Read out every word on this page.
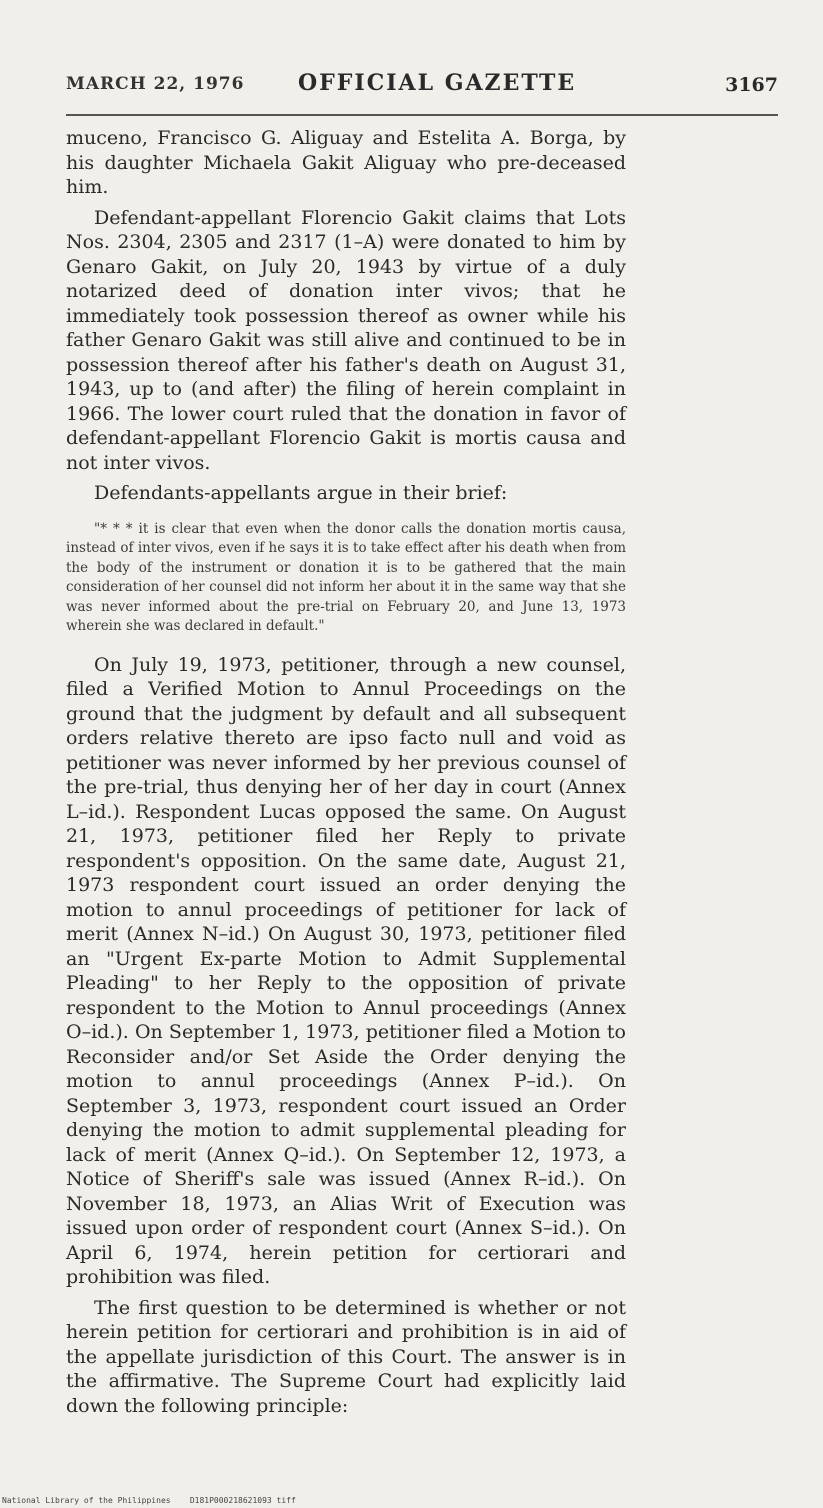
MARCH 22, 1976 OFFICIAL GAZETTE	3167

muceno, Francisco G. Aliguay and Estelita A. Borga, by his daughter Michaela Gakit Aliguay who pre-deceased him.

Defendant-appellant Florencio Gakit claims that Lots Nos. 2304, 2305 and 2317 (1–A) were donated to him by Genaro Gakit, on July 20, 1943 by virtue of a duly notarized deed of donation inter vivos; that he immediately took possession thereof as owner while his father Genaro Gakit was still alive and continued to be in possession thereof after his father's death on August 31, 1943, up to (and after) the filing of herein complaint in 1966. The lower court ruled that the donation in favor of defendant-appellant Florencio Gakit is mortis causa and not inter vivos.

Defendants-appellants argue in their brief:

"* * * it is clear that even when the donor calls the donation mortis causa, instead of inter vivos, even if he says it is to take effect after his death when from the body of the instrument or donation it is to be gathered that the main consideration of her counsel did not inform her about it in the same way that she was never informed about the pre-trial on February 20, and June 13, 1973 wherein she was declared in default."

On July 19, 1973, petitioner, through a new counsel, filed a Verified Motion to Annul Proceedings on the ground that the judgment by default and all subsequent orders relative thereto are ipso facto null and void as petitioner was never informed by her previous counsel of the pre-trial, thus denying her of her day in court (Annex L–id.). Respondent Lucas opposed the same. On August 21, 1973, petitioner filed her Reply to private respondent's opposition. On the same date, August 21, 1973 respondent court issued an order denying the motion to annul proceedings of petitioner for lack of merit (Annex N–id.) On August 30, 1973, petitioner filed an "Urgent Ex-parte Motion to Admit Supplemental Pleading" to her Reply to the opposition of private respondent to the Motion to Annul proceedings (Annex O–id.). On September 1, 1973, petitioner filed a Motion to Reconsider and/or Set Aside the Order denying the motion to annul proceedings (Annex P–id.). On September 3, 1973, respondent court issued an Order denying the motion to admit supplemental pleading for lack of merit (Annex Q–id.). On September 12, 1973, a Notice of Sheriff's sale was issued (Annex R–id.). On November 18, 1973, an Alias Writ of Execution was issued upon order of respondent court (Annex S–id.). On April 6, 1974, herein petition for certiorari and prohibition was filed.

The first question to be determined is whether or not herein petition for certiorari and prohibition is in aid of the appellate jurisdiction of this Court. The answer is in the affirmative. The Supreme Court had explicitly laid down the following principle:

National Library of the Philippines    D181P000218621093 tiff
